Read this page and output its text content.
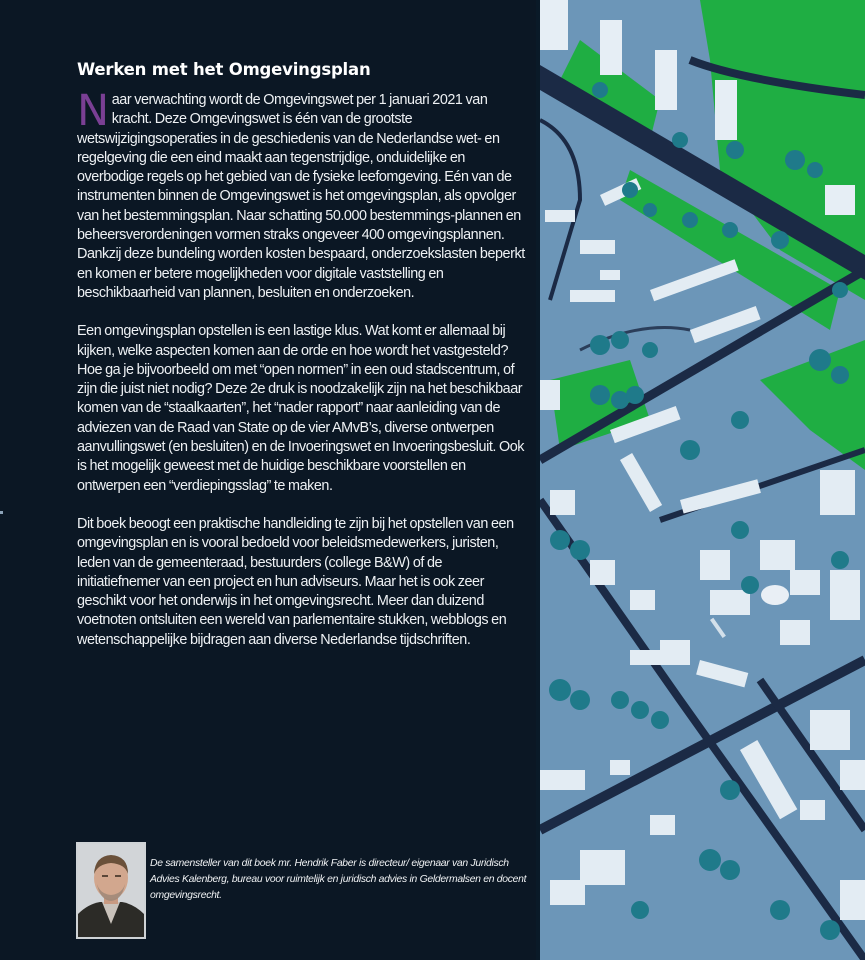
Werken met het Omgevingsplan

Naar verwachting wordt de Omgevingswet per 1 januari 2021 van kracht. Deze Omgevingswet is één van de grootste wetswijzigingsoperaties in de geschiedenis van de Nederlandse wet- en regelgeving die een eind maakt aan tegenstrijdige, onduidelijke en overbodige regels op het gebied van de fysieke leefomgeving. Eén van de instrumenten binnen de Omgevingswet is het omgevingsplan, als opvolger van het bestemmingsplan. Naar schatting 50.000 bestemmings-plannen en beheersverordeningen vormen straks ongeveer 400 omgevingsplannen. Dankzij deze bundeling worden kosten bespaard, onderzoekslasten beperkt en komen er betere mogelijkheden voor digitale vaststelling en beschikbaarheid van plannen, besluiten en onderzoeken.

Een omgevingsplan opstellen is een lastige klus. Wat komt er allemaal bij kijken, welke aspecten komen aan de orde en hoe wordt het vastgesteld? Hoe ga je bijvoorbeeld om met “open normen” in een oud stadscentrum, of zijn die juist niet nodig? Deze 2e druk is noodzakelijk zijn na het beschikbaar komen van de “staalkaarten”, het “nader rapport” naar aanleiding van de adviezen van de Raad van State op de vier AMvB’s, diverse ontwerpen aanvullingswet (en besluiten) en de Invoeringswet en Invoeringsbesluit. Ook is het mogelijk geweest met de huidige beschikbare voorstellen en ontwerpen een “verdiepingsslag” te maken.

Dit boek beoogt een praktische handleiding te zijn bij het opstellen van een omgevingsplan en is vooral bedoeld voor beleidsmedewerkers, juristen, leden van de gemeenteraad, bestuurders (college B&W) of de initiatiefnemer van een project en hun adviseurs. Maar het is ook zeer geschikt voor het onderwijs in het omgevingsrecht. Meer dan duizend voetnoten ontsluiten een wereld van parlementaire stukken, webblogs en wetenschappelijke bijdragen aan diverse Nederlandse tijdschriften.

De samensteller van dit boek mr. Hendrik Faber is directeur/ eigenaar van Juridisch Advies Kalenberg, bureau voor ruimtelijk en juridisch advies in Geldermalsen en docent omgevingsrecht.
